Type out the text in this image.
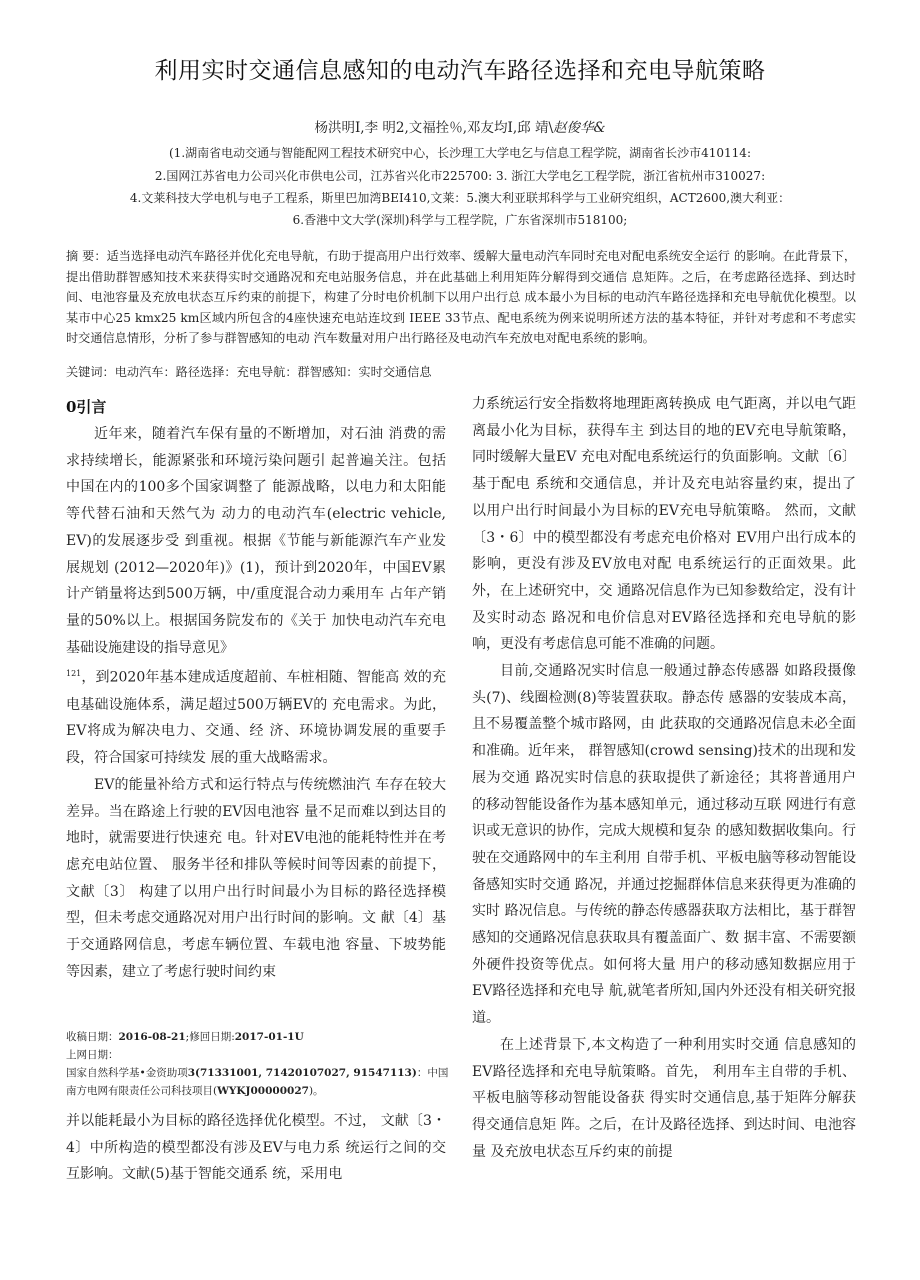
利用实时交通信息感知的电动汽车路径选择和充电导航策略
杨洪明I,李 明2,文福拴％,邓友均I,邱 靖\赵俊华&
(1.湖南省电动交通与智能配网工程技术研究中心，长沙理工大学电乞与信息工程学院，湖南省长沙市410114:
2.国网江苏省电力公司兴化市供电公司，江苏省兴化市225700: 3. 浙江大学电乞工程学院，浙江省杭州市310027:
4.文莱科技大学电机与电子工程系，斯里巴加湾BEI410,文莱：5.澳大利亚联邦科学与工业研究组织，ACT2600,澳大利亚：
6.香港中文大学(深圳)科学与工程学院，广东省深圳市518100;
摘 要：适当选择电动汽车路径并优化充电导航，冇助于提高用户出行效率、缓解大量电动汽车同时充电对配电系统安全运行 的影响。在此背景下，提出借助群智感知技术来获得实时交通路况和充电站服务信息，并在此基础上利用矩阵分解得到交通信 息矩阵。之后，在考虑路径选择、到达时间、电池容量及充放电状态互斥约束的前提下，构建了分时电价机制下以用户出行总 成本最小为目标的电动汽车路径选择和充电导航优化模型。以某市中心25 kmx25 km区域内所包含的4座快速充电站连坟到 IEEE 33节点、配电系统为例来说明所述方法的基本特征，并针对考虑和不考虑实时交通信息情形，分析了参与群智感知的电动 汽车数量对用户出行路径及电动汽车充放电对配电系统的影响。
关键词：电动汽车：路径选择：充电导航：群智感知：实时交通信息
0引言

近年来，随着汽车保有量的不断增加，对石油 消费的需求持续增长，能源紧张和环境污染问题引 起普遍关注。包括中国在内的100多个国家调整了 能源战略，以电力和太阳能等代替石油和天然气为 动力的电动汽车(electric vehicle, EV)的发展逐步受 到重视。根据《节能与新能源汽车产业发展规划 (2012—2020年)》(1)，预计到2020年，中国EV累 计产销量将达到500万辆，中/重度混合动力乘用车 占年产销量的50%以上。根据国务院发布的《关于 加快电动汽车充电基础设施建设的指导意见》
$^{121}$，到2020年基本建成适度超前、车桩相随、智能高 效的充电基础设施体系，满足超过500万辆EV的 充电需求。为此，EV将成为解决电力、交通、经 济、环境协调发展的重要手段，符合国家可持续发 展的重大战略需求。

EV的能量补给方式和运行特点与传统燃油汽 车存在较大差异。当在路途上行驶的EV因电池容 量不足而难以到达目的地时，就需要进行快速充 电。针对EV电池的能耗特性并在考虑充电站位置、 服务半径和排队等候时间等因素的前提下，文献〔3〕 构建了以用户出行时间最小为目标的路径选择模 型，但未考虑交通路况对用户出行时间的影响。文 献〔4〕基于交通路网信息，考虑车辆位置、车载电池 容量、下坡势能等因素，建立了考虑行驶时间约束

收稿日期：2016-08-21;修回日期:2017-01-1U
上网日期：
国家自然科学基•金资助项3(71331001, 71420107027, 91547113)：中国 南方电网有限责任公司科技项目(WYKJ00000027)。

并以能耗最小为目标的路径选择优化模型。不过， 文献〔3・4〕中所构造的模型都没有涉及EV与电力系 统运行之间的交互影响。文献(5)基于智能交通系 统，采用电

力系统运行安全指数将地理距离转换成 电气距离，并以电气距离最小化为目标，获得车主 到达目的地的EV充电导航策略，同时缓解大量EV 充电对配电系统运行的负面影响。文献〔6〕基于配电 系统和交通信息，并计及充电站容量约束，提出了 以用户出行时间最小为目标的EV充电导航策略。 然而，文献〔3・6〕中的模型都没有考虑充电价格对 EV用户出行成本的影响，更没有涉及EV放电对配 电系统运行的正面效果。此外，在上述研究中，交 通路况信息作为已知参数给定，没有计及实时动态 路况和电价信息对EV路径选择和充电导航的影 响，更没有考虑信息可能不准确的问题。

目前,交通路况实时信息一般通过静态传感器 如路段摄像头(7)、线圈检测(8)等装置获取。静态传 感器的安装成本高，且不易覆盖整个城市路网，由 此获取的交通路况信息未必全面和准确。近年来， 群智感知(crowd sensing)技术的出现和发展为交通 路况实时信息的获取提供了新途径；其将普通用户 的移动智能设备作为基本感知单元，通过移动互联 网进行有意识或无意识的协作，完成大规模和复杂 的感知数据收集向。行驶在交通路网中的车主利用 自带手机、平板电脑等移动智能设备感知实时交通 路况，并通过挖掘群体信息来获得更为准确的实时 路况信息。与传统的静态传感器获取方法相比，基于群智感知的交通路况信息获取具有覆盖面广、数 据丰富、不需要额外硬件投资等优点。如何将大量 用户的移动感知数据应用于EV路径选择和充电导 航,就笔者所知,国内外还没有相关研究报道。

在上述背景下,本文构造了一种利用实时交通 信息感知的EV路径选择和充电导航策略。首先， 利用车主自带的手机、平板电脑等移动智能设备获 得实时交通信息,基于矩阵分解获得交通信息矩 阵。之后，在计及路径选择、到达时间、电池容量 及充放电状态互斥约束的前提
